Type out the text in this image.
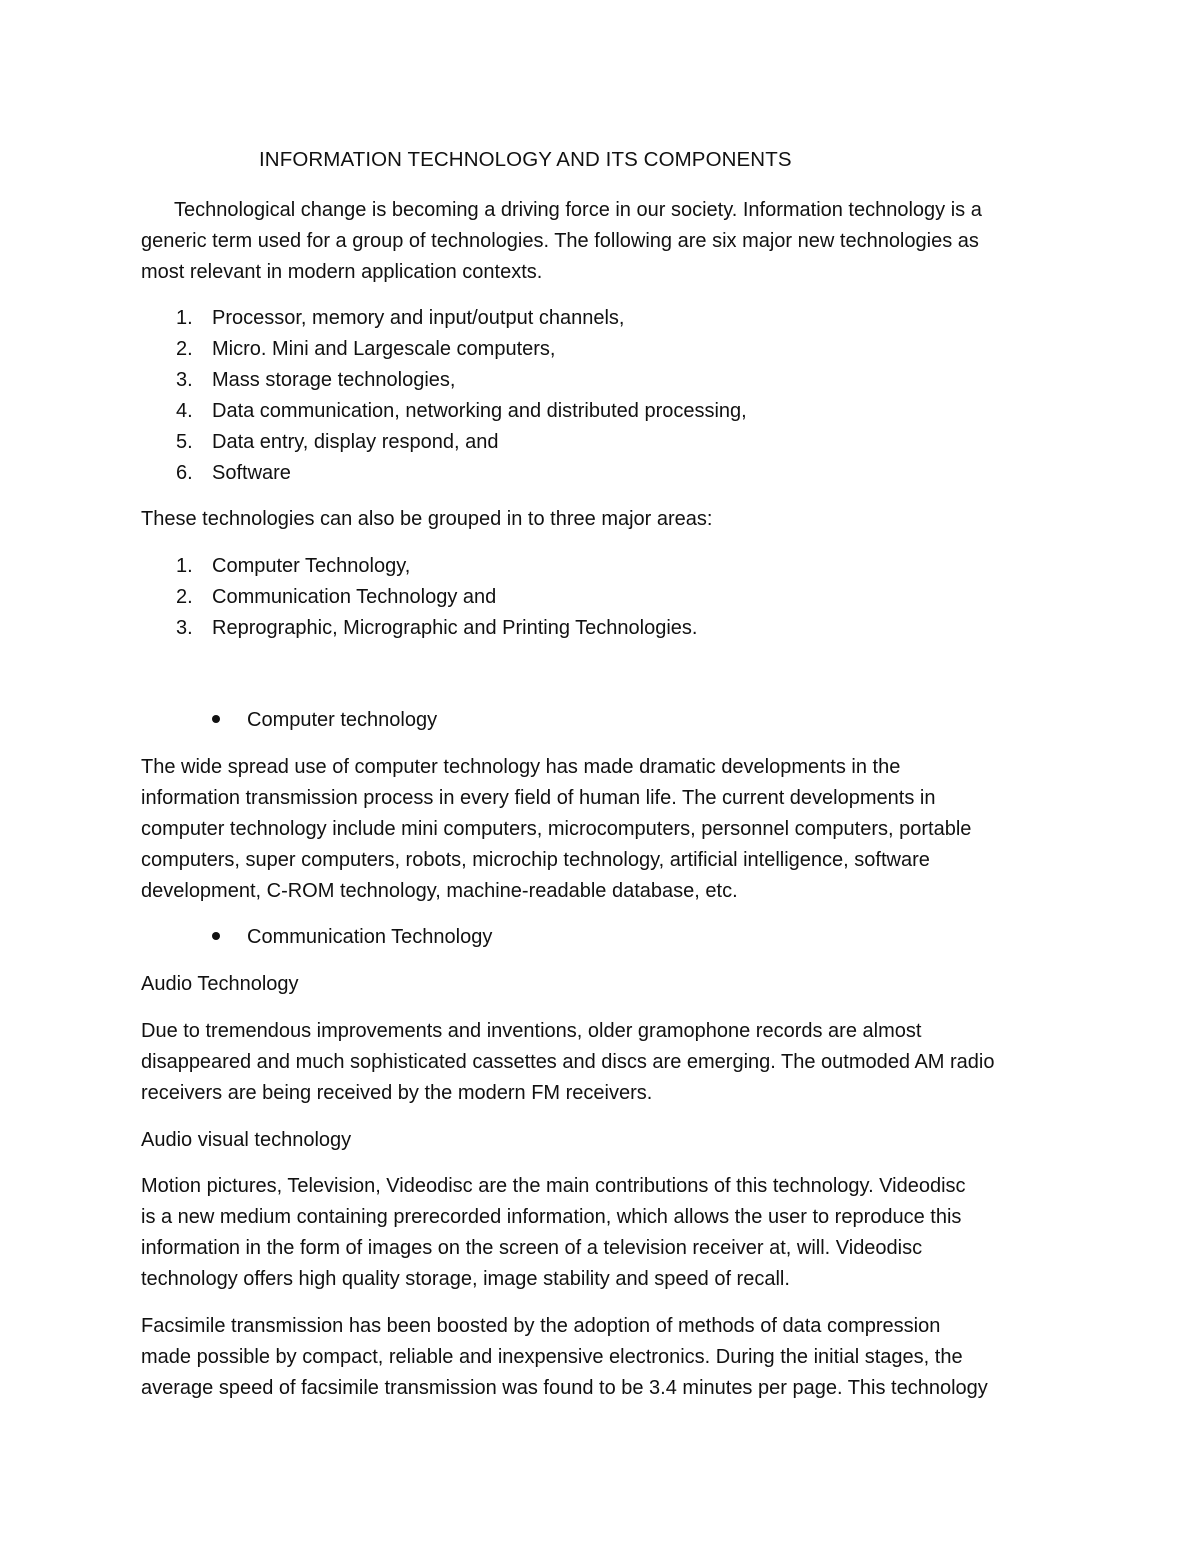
INFORMATION TECHNOLOGY AND ITS COMPONENTS
Technological change is becoming a driving force in our society. Information technology is a
generic term used for a group of technologies. The following are six major new technologies as
most relevant in modern application contexts.
1. Processor, memory and input/output channels,
2. Micro. Mini and Largescale computers,
3. Mass storage technologies,
4. Data communication, networking and distributed processing,
5. Data entry, display respond, and
6. Software
These technologies can also be grouped in to three major areas:
1. Computer Technology,
2. Communication Technology and
3. Reprographic, Micrographic and Printing Technologies.
Computer technology
The wide spread use of computer technology has made dramatic developments in the
information transmission process in every field of human life. The current developments in
computer technology include mini computers, microcomputers, personnel computers, portable
computers, super computers, robots, microchip technology, artificial intelligence, software
development, C-ROM technology, machine-readable database, etc.
Communication Technology
Audio Technology
Due to tremendous improvements and inventions, older gramophone records are almost
disappeared and much sophisticated cassettes and discs are emerging. The outmoded AM radio
receivers are being received by the modern FM receivers.
Audio visual technology
Motion pictures, Television, Videodisc are the main contributions of this technology. Videodisc
is a new medium containing prerecorded information, which allows the user to reproduce this
information in the form of images on the screen of a television receiver at, will. Videodisc
technology offers high quality storage, image stability and speed of recall.
Facsimile transmission has been boosted by the adoption of methods of data compression
made possible by compact, reliable and inexpensive electronics. During the initial stages, the
average speed of facsimile transmission was found to be 3.4 minutes per page. This technology
